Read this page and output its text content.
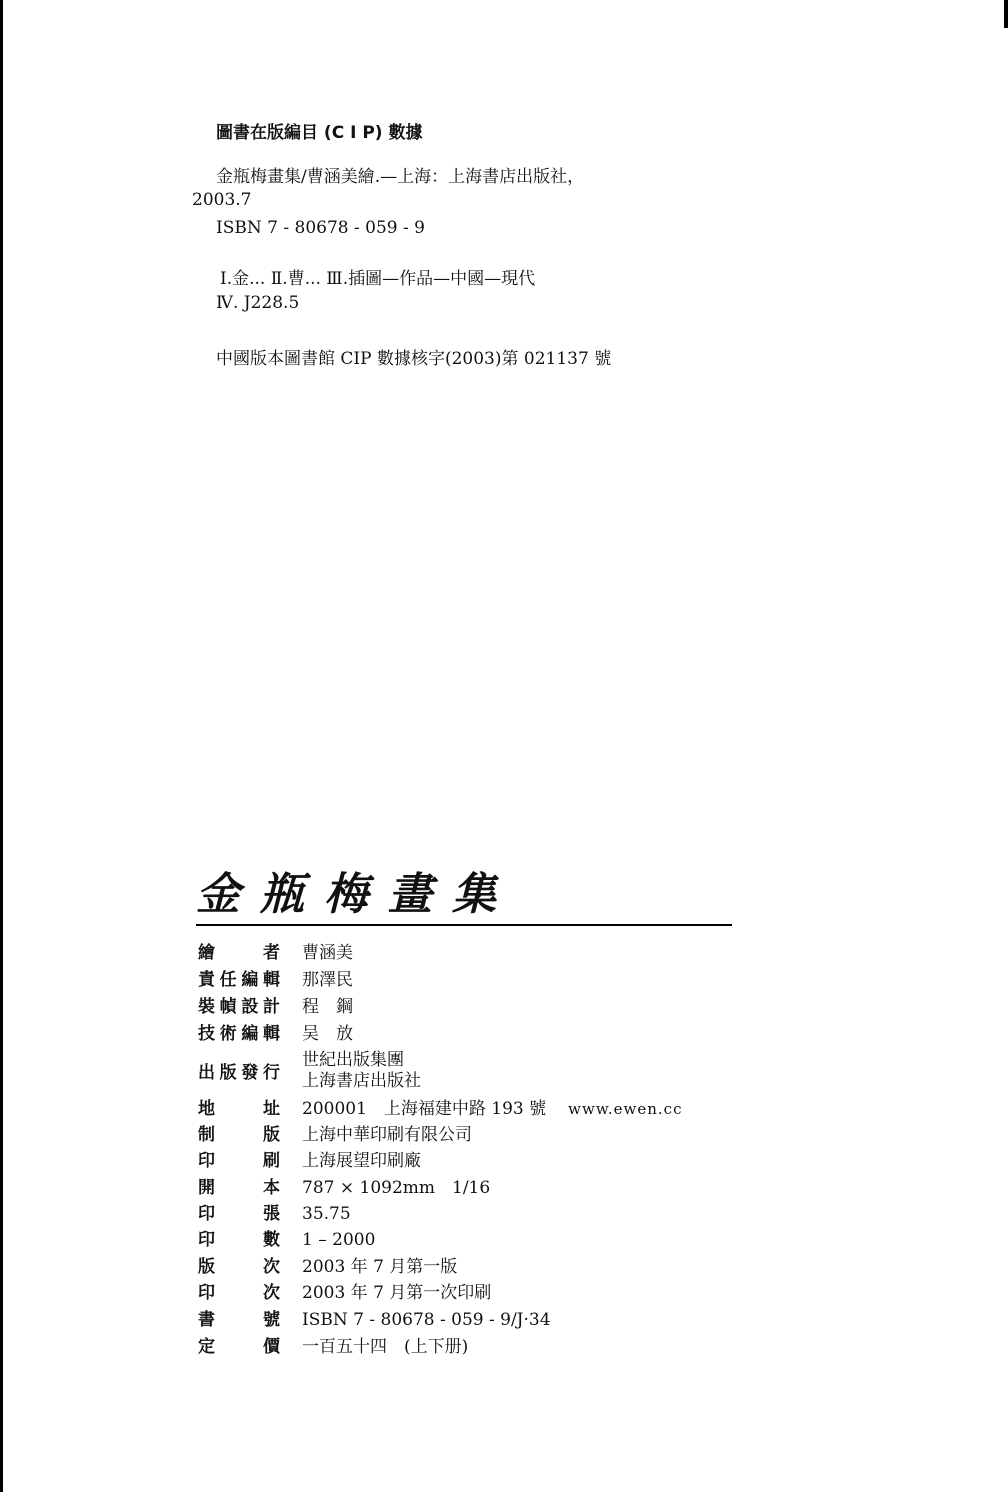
圖書在版編目 (C I P) 數據
金瓶梅畫集/曹涵美繪.—上海：上海書店出版社，
2003.7
ISBN 7 - 80678 - 059 - 9
Ⅰ.金... Ⅱ.曹... Ⅲ.插圖—作品—中國—現代
Ⅳ. J228.5
中國版本圖書館 CIP 數據核字(2003)第 021137 號
金瓶梅畫集
繪	者 曹涵美
責 任 編 輯 那澤民
裝 幀 設 計 程　鋼
技 術 編 輯 吴　放
出 版 發 行
世紀出版集團
上海書店出版社
地	址 200001　上海福建中路 193 號 www.ewen.cc
制	版 上海中華印刷有限公司
印	刷 上海展望印刷廠
開	本 787 × 1092mm　1/16
印	張 35.75
印	數 1 – 2000
版	次 2003 年 7 月第一版
印	次 2003 年 7 月第一次印刷
書	號 ISBN 7 - 80678 - 059 - 9/J·34
定	價 一百五十四　(上下册)
